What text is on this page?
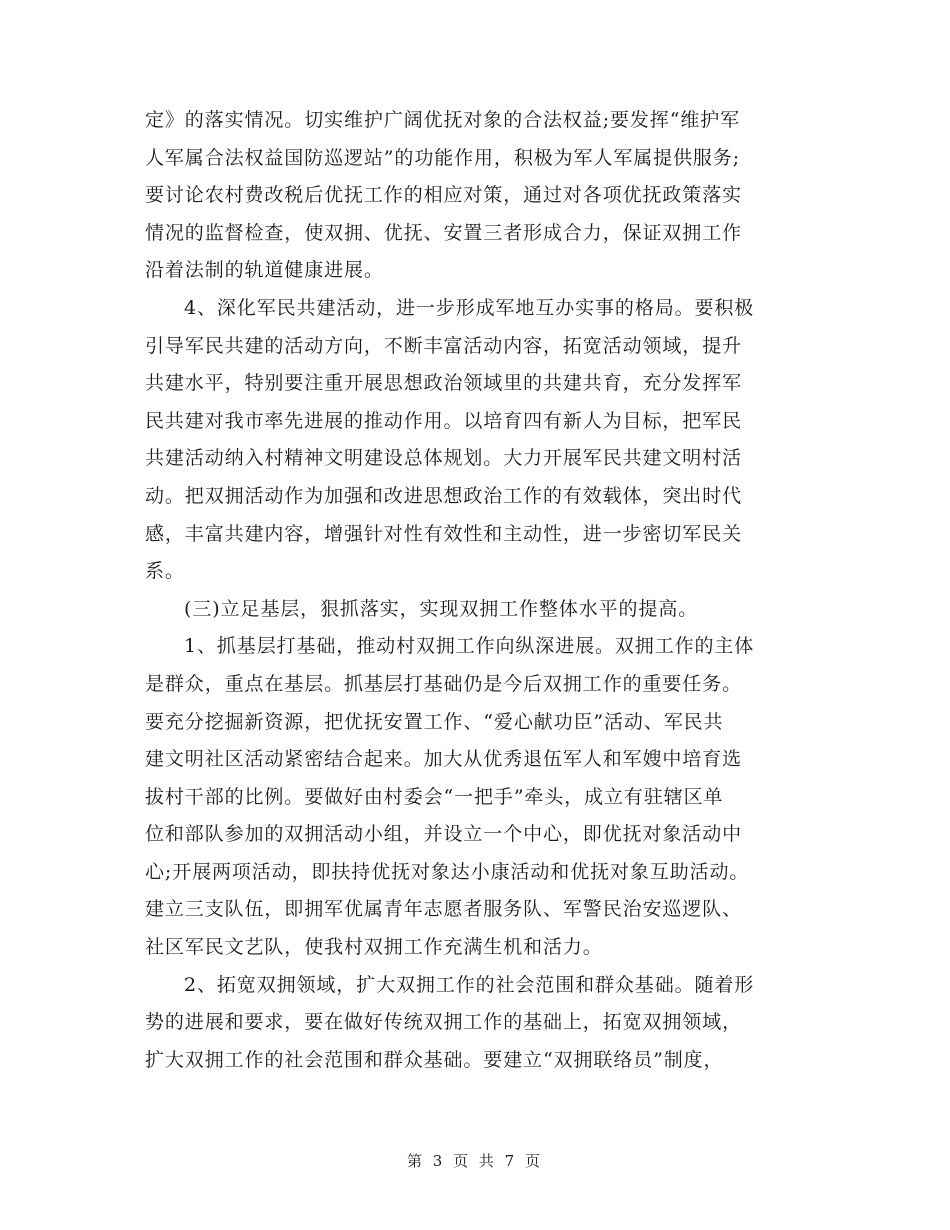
定》的落实情况。切实维护广阔优抚对象的合法权益;要发挥“维护军
人军属合法权益国防巡逻站”的功能作用，积极为军人军属提供服务;
要讨论农村费改税后优抚工作的相应对策，通过对各项优抚政策落实
情况的监督检查，使双拥、优抚、安置三者形成合力，保证双拥工作
沿着法制的轨道健康进展。
4、深化军民共建活动，进一步形成军地互办实事的格局。要积极
引导军民共建的活动方向，不断丰富活动内容，拓宽活动领域，提升
共建水平，特别要注重开展思想政治领域里的共建共育，充分发挥军
民共建对我市率先进展的推动作用。以培育四有新人为目标，把军民
共建活动纳入村精神文明建设总体规划。大力开展军民共建文明村活
动。把双拥活动作为加强和改进思想政治工作的有效载体，突出时代
感，丰富共建内容，增强针对性有效性和主动性，进一步密切军民关
系。
(三)立足基层，狠抓落实，实现双拥工作整体水平的提高。
1、抓基层打基础，推动村双拥工作向纵深进展。双拥工作的主体
是群众，重点在基层。抓基层打基础仍是今后双拥工作的重要任务。
要充分挖掘新资源，把优抚安置工作、“爱心献功臣”活动、军民共
建文明社区活动紧密结合起来。加大从优秀退伍军人和军嫂中培育选
拔村干部的比例。要做好由村委会“一把手”牵头，成立有驻辖区单
位和部队参加的双拥活动小组，并设立一个中心，即优抚对象活动中
心;开展两项活动，即扶持优抚对象达小康活动和优抚对象互助活动。
建立三支队伍，即拥军优属青年志愿者服务队、军警民治安巡逻队、
社区军民文艺队，使我村双拥工作充满生机和活力。
2、拓宽双拥领域，扩大双拥工作的社会范围和群众基础。随着形
势的进展和要求，要在做好传统双拥工作的基础上，拓宽双拥领域，
扩大双拥工作的社会范围和群众基础。要建立“双拥联络员”制度，
第 3 页 共 7 页
